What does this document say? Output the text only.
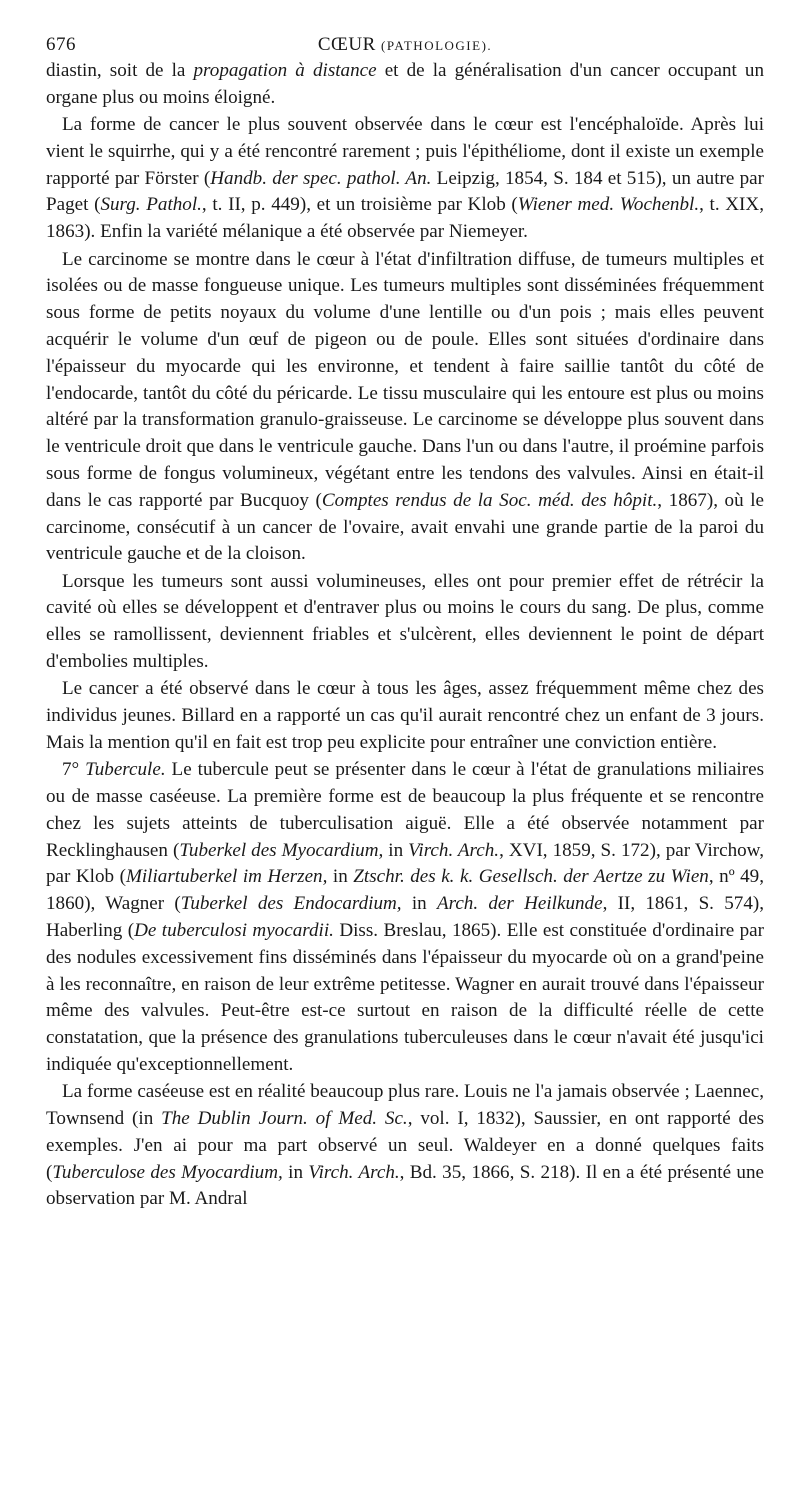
676	CŒUR (PATHOLOGIE).

diastin, soit de la propagation à distance et de la généralisation d'un cancer occupant un organe plus ou moins éloigné.

La forme de cancer le plus souvent observée dans le cœur est l'encéphaloïde. Après lui vient le squirrhe, qui y a été rencontré rarement ; puis l'épithéliome, dont il existe un exemple rapporté par Förster (Handb. der spec. pathol. An. Leipzig, 1854, S. 184 et 515), un autre par Paget (Surg. Pathol., t. II, p. 449), et un troisième par Klob (Wiener med. Wochenbl., t. XIX, 1863). Enfin la variété mélanique a été observée par Niemeyer.

Le carcinome se montre dans le cœur à l'état d'infiltration diffuse, de tumeurs multiples et isolées ou de masse fongueuse unique. Les tumeurs multiples sont disséminées fréquemment sous forme de petits noyaux du volume d'une lentille ou d'un pois ; mais elles peuvent acquérir le volume d'un œuf de pigeon ou de poule. Elles sont situées d'ordinaire dans l'épaisseur du myocarde qui les environne, et tendent à faire saillie tantôt du côté de l'endocarde, tantôt du côté du péricarde. Le tissu musculaire qui les entoure est plus ou moins altéré par la transformation granulo-graisseuse. Le carcinome se développe plus souvent dans le ventricule droit que dans le ventricule gauche. Dans l'un ou dans l'autre, il proémine parfois sous forme de fongus volumineux, végétant entre les tendons des valvules. Ainsi en était-il dans le cas rapporté par Bucquoy (Comptes rendus de la Soc. méd. des hôpit., 1867), où le carcinome, consécutif à un cancer de l'ovaire, avait envahi une grande partie de la paroi du ventricule gauche et de la cloison.

Lorsque les tumeurs sont aussi volumineuses, elles ont pour premier effet de rétrécir la cavité où elles se développent et d'entraver plus ou moins le cours du sang. De plus, comme elles se ramollissent, deviennent friables et s'ulcèrent, elles deviennent le point de départ d'embolies multiples.

Le cancer a été observé dans le cœur à tous les âges, assez fréquemment même chez des individus jeunes. Billard en a rapporté un cas qu'il aurait rencontré chez un enfant de 3 jours. Mais la mention qu'il en fait est trop peu explicite pour entraîner une conviction entière.

7° Tubercule. Le tubercule peut se présenter dans le cœur à l'état de granulations miliaires ou de masse caséeuse. La première forme est de beaucoup la plus fréquente et se rencontre chez les sujets atteints de tuberculisation aiguë. Elle a été observée notamment par Recklinghausen (Tuberkel des Myocardium, in Virch. Arch., XVI, 1859, S. 172), par Virchow, par Klob (Miliartuberkel im Herzen, in Ztschr. des k. k. Gesellsch. der Aertze zu Wien, nº 49, 1860), Wagner (Tuberkel des Endocardium, in Arch. der Heilkunde, II, 1861, S. 574), Haberling (De tuberculosi myocardii. Diss. Breslau, 1865). Elle est constituée d'ordinaire par des nodules excessivement fins disséminés dans l'épaisseur du myocarde où on a grand'peine à les reconnaître, en raison de leur extrême petitesse. Wagner en aurait trouvé dans l'épaisseur même des valvules. Peut-être est-ce surtout en raison de la difficulté réelle de cette constatation, que la présence des granulations tuberculeuses dans le cœur n'avait été jusqu'ici indiquée qu'exceptionnellement.

La forme caséeuse est en réalité beaucoup plus rare. Louis ne l'a jamais observée ; Laennec, Townsend (in The Dublin Journ. of Med. Sc., vol. I, 1832), Saussier, en ont rapporté des exemples. J'en ai pour ma part observé un seul. Waldeyer en a donné quelques faits (Tuberculose des Myocardium, in Virch. Arch., Bd. 35, 1866, S. 218). Il en a été présenté une observation par M. Andral
